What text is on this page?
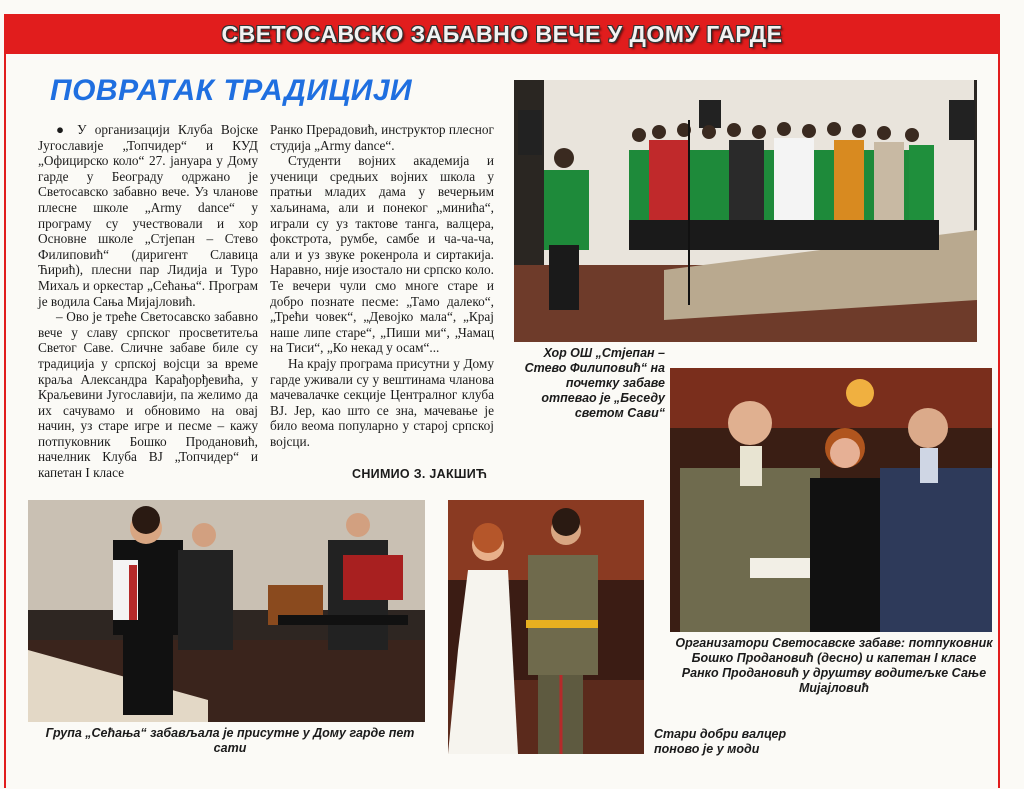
СВЕТОСАВСКО ЗАБАВНО ВЕЧЕ У ДОМУ ГАРДЕ
ПОВРАТАК ТРАДИЦИЈИ

● У организацији Клуба Војске Југославије „Топчидер“ и КУД „Официрско коло“ 27. јануара у Дому гарде у Београду одржано је Светосавско забавно вече. Уз чланове плесне школе „Army dance“ у програму су учествовали и хор Основне школе „Стјепан – Стево Филиповић“ (диригент Славица Ћирић), плесни пар Лидија и Туро Михаљ и оркестар „Сећања“. Програм је водила Сања Мијајловић.

– Ово је треће Светосавско забавно вече у славу српског просветитеља Светог Саве. Сличне забаве биле су традиција у српској војсци за време краља Александра Карађорђевића, у Краљевини Југославији, па желимо да их сачувамо и обновимо на овај начин, уз старе игре и песме – кажу потпуковник Бошко Продановић, начелник Клуба ВЈ „Топчидер“ и капетан I класе

Ранко Прерадовић, инструктор плесног студија „Army dance“.

Студенти војних академија и ученици средњих војних школа у пратњи младих дама у вечерњим хаљинама, али и понеког „минића“, играли су уз тактове танга, валцера, фокстрота, румбе, самбе и ча-ча-ча, али и уз звуке рокенрола и сиртакија. Наравно, није изостало ни српско коло. Те вечери чули смо многе старе и добро познате песме: „Тамо далеко“, „Трећи човек“, „Девојко мала“, „Крај наше липе старе“, „Пиши ми“, „Чамац на Тиси“, „Ко некад у осам“...

На крају програма присутни у Дому гарде уживали су у вештинама чланова мачевалачке секције Централног клуба ВЈ. Јер, као што се зна, мачевање је било веома популарно у старој српској војсци.

СНИМИО З. ЈАКШИЋ
Хор ОШ „Стјепан – Стево Филиповић“ на почетку забаве отпевао је „Беседу светом Сави“
Организатори Светосавске забаве: потпуковник Бошко Продановић (десно) и капетан I класе Ранко Продановић у друштву водитељке Сање Мијајловић
Група „Сећања“ забављала је присутне у Дому гарде пет сати
Стари добри валцер поново је у моди
